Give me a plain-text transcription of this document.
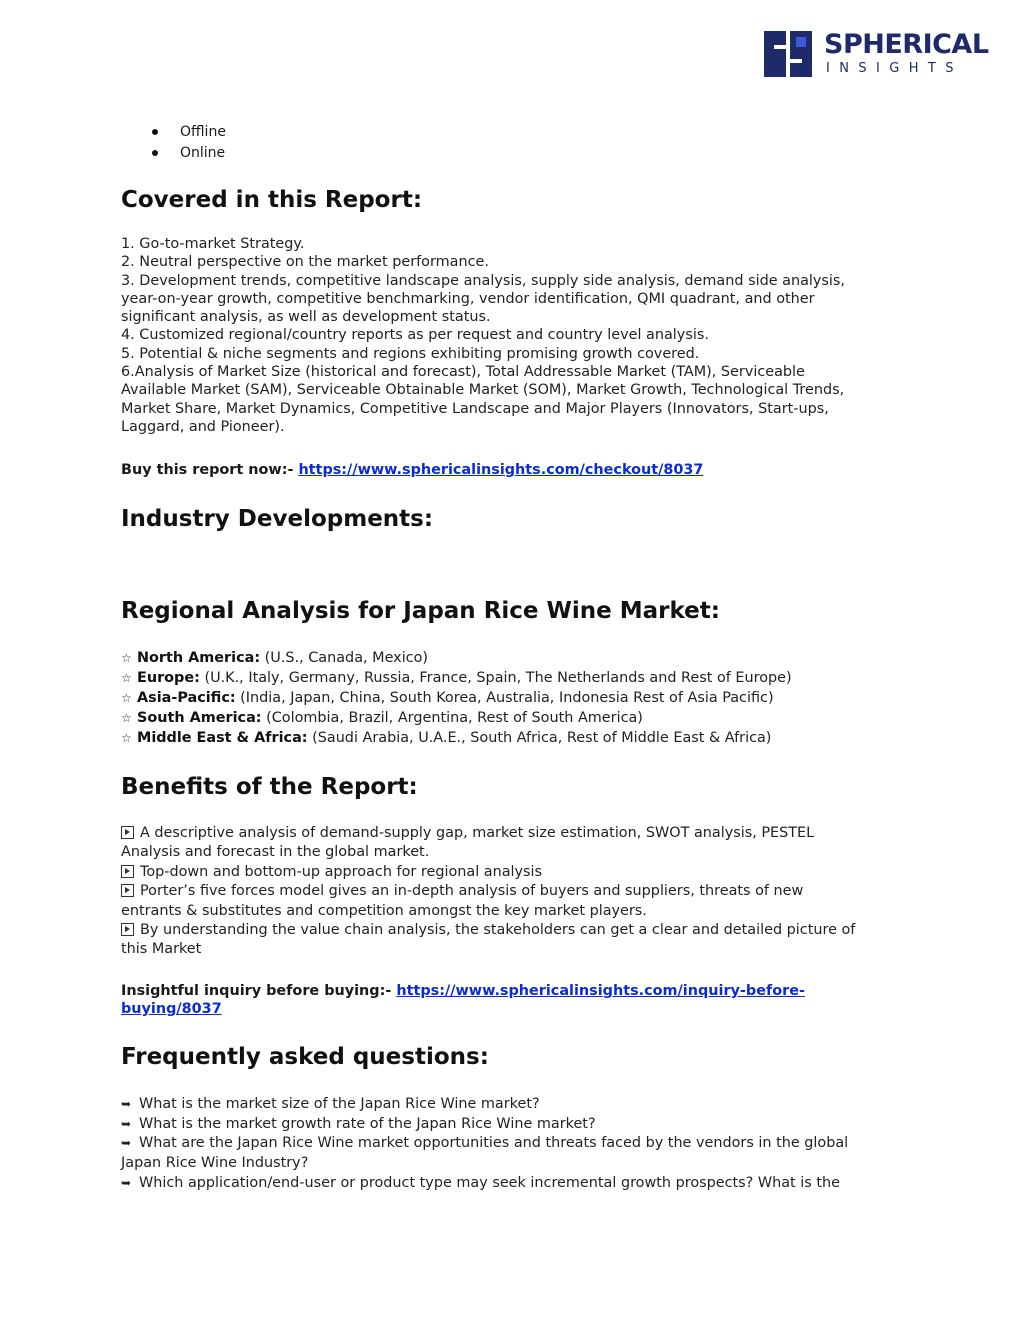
SPHERICAL
INSIGHTS
Offline
Online
Covered in this Report:
1. Go-to-market Strategy.
2. Neutral perspective on the market performance.
3. Development trends, competitive landscape analysis, supply side analysis, demand side analysis,
year-on-year growth, competitive benchmarking, vendor identification, QMI quadrant, and other
significant analysis, as well as development status.
4. Customized regional/country reports as per request and country level analysis.
5. Potential & niche segments and regions exhibiting promising growth covered.
6.Analysis of Market Size (historical and forecast), Total Addressable Market (TAM), Serviceable
Available Market (SAM), Serviceable Obtainable Market (SOM), Market Growth, Technological Trends,
Market Share, Market Dynamics, Competitive Landscape and Major Players (Innovators, Start-ups,
Laggard, and Pioneer).
Buy this report now:- https://www.sphericalinsights.com/checkout/8037
Industry Developments:
Regional Analysis for Japan Rice Wine Market:
☆ North America: (U.S., Canada, Mexico)
☆ Europe: (U.K., Italy, Germany, Russia, France, Spain, The Netherlands and Rest of Europe)
☆ Asia-Pacific: (India, Japan, China, South Korea, Australia, Indonesia Rest of Asia Pacific)
☆ South America: (Colombia, Brazil, Argentina, Rest of South America)
☆ Middle East & Africa: (Saudi Arabia, U.A.E., South Africa, Rest of Middle East & Africa)
Benefits of the Report:
A descriptive analysis of demand-supply gap, market size estimation, SWOT analysis, PESTEL
Analysis and forecast in the global market.
Top-down and bottom-up approach for regional analysis
Porter’s five forces model gives an in-depth analysis of buyers and suppliers, threats of new
entrants & substitutes and competition amongst the key market players.
By understanding the value chain analysis, the stakeholders can get a clear and detailed picture of
this Market
Insightful inquiry before buying:- https://www.sphericalinsights.com/inquiry-before-
buying/8037
Frequently asked questions:
➥ What is the market size of the Japan Rice Wine market?
➥ What is the market growth rate of the Japan Rice Wine market?
➥ What are the Japan Rice Wine market opportunities and threats faced by the vendors in the global
Japan Rice Wine Industry?
➥ Which application/end-user or product type may seek incremental growth prospects? What is the
